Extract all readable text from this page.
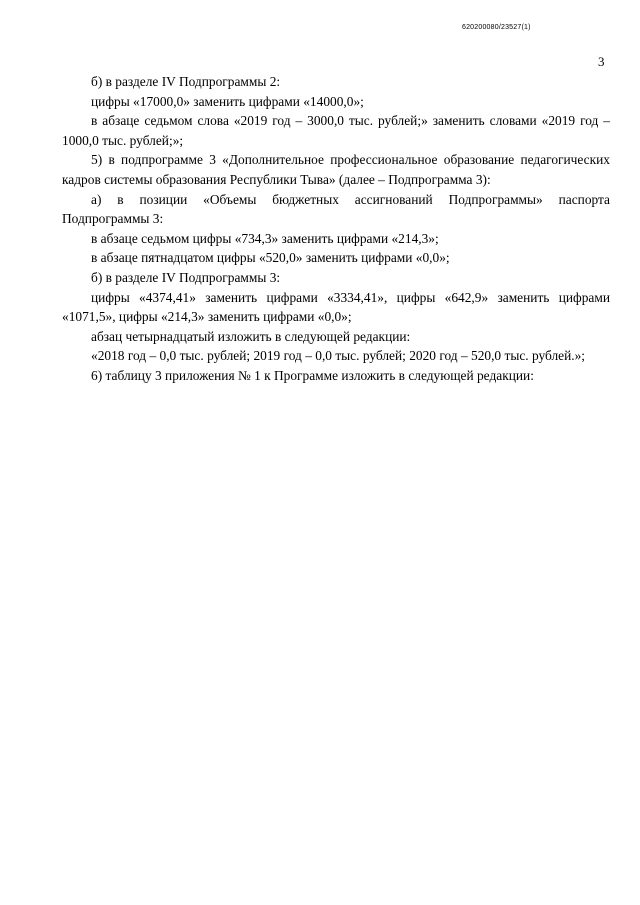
620200080/23527(1)
3

б) в разделе IV Подпрограммы 2:

цифры «17000,0» заменить цифрами «14000,0»;

в абзаце седьмом слова «2019 год – 3000,0 тыс. рублей;» заменить словами «2019 год – 1000,0 тыс. рублей;»;

5) в подпрограмме 3 «Дополнительное профессиональное образование педагогических кадров системы образования Республики Тыва» (далее – Подпрограмма 3):

а) в позиции «Объемы бюджетных ассигнований Подпрограммы» паспорта Подпрограммы 3:

в абзаце седьмом цифры «734,3» заменить цифрами «214,3»;

в абзаце пятнадцатом цифры «520,0» заменить цифрами «0,0»;

б) в разделе IV Подпрограммы 3:

цифры «4374,41» заменить цифрами «3334,41», цифры «642,9» заменить цифрами «1071,5», цифры «214,3» заменить цифрами «0,0»;

абзац четырнадцатый изложить в следующей редакции:

«2018 год – 0,0 тыс. рублей; 2019 год – 0,0 тыс. рублей; 2020 год – 520,0 тыс. рублей.»;

6) таблицу 3 приложения № 1 к Программе изложить в следующей редакции:
